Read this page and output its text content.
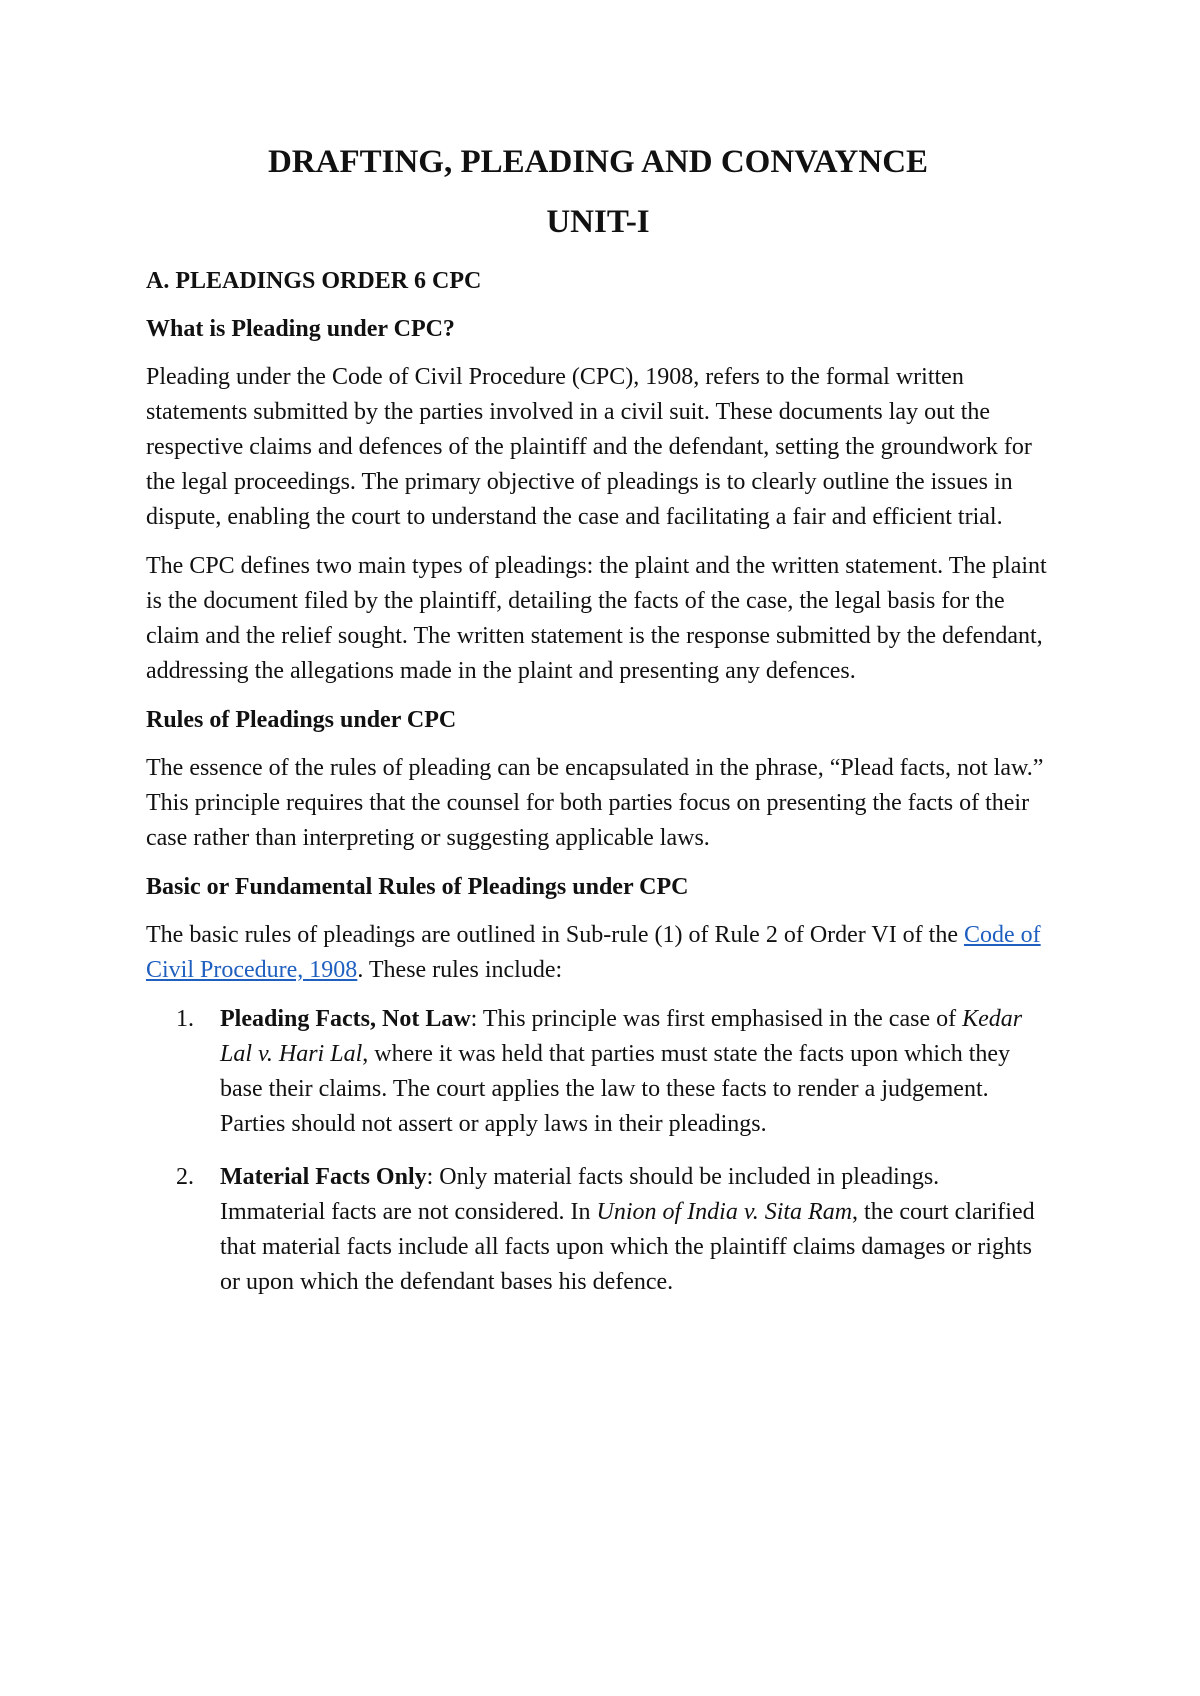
DRAFTING, PLEADING AND CONVAYNCE
UNIT-I
A. PLEADINGS ORDER 6 CPC
What is Pleading under CPC?

Pleading under the Code of Civil Procedure (CPC), 1908, refers to the formal written statements submitted by the parties involved in a civil suit. These documents lay out the respective claims and defences of the plaintiff and the defendant, setting the groundwork for the legal proceedings. The primary objective of pleadings is to clearly outline the issues in dispute, enabling the court to understand the case and facilitating a fair and efficient trial.

The CPC defines two main types of pleadings: the plaint and the written statement. The plaint is the document filed by the plaintiff, detailing the facts of the case, the legal basis for the claim and the relief sought. The written statement is the response submitted by the defendant, addressing the allegations made in the plaint and presenting any defences.

Rules of Pleadings under CPC

The essence of the rules of pleading can be encapsulated in the phrase, “Plead facts, not law.” This principle requires that the counsel for both parties focus on presenting the facts of their case rather than interpreting or suggesting applicable laws.

Basic or Fundamental Rules of Pleadings under CPC

The basic rules of pleadings are outlined in Sub-rule (1) of Rule 2 of Order VI of the Code of Civil Procedure, 1908. These rules include:

1. Pleading Facts, Not Law: This principle was first emphasised in the case of Kedar Lal v. Hari Lal, where it was held that parties must state the facts upon which they base their claims. The court applies the law to these facts to render a judgement. Parties should not assert or apply laws in their pleadings.
2. Material Facts Only: Only material facts should be included in pleadings. Immaterial facts are not considered. In Union of India v. Sita Ram, the court clarified that material facts include all facts upon which the plaintiff claims damages or rights or upon which the defendant bases his defence.
